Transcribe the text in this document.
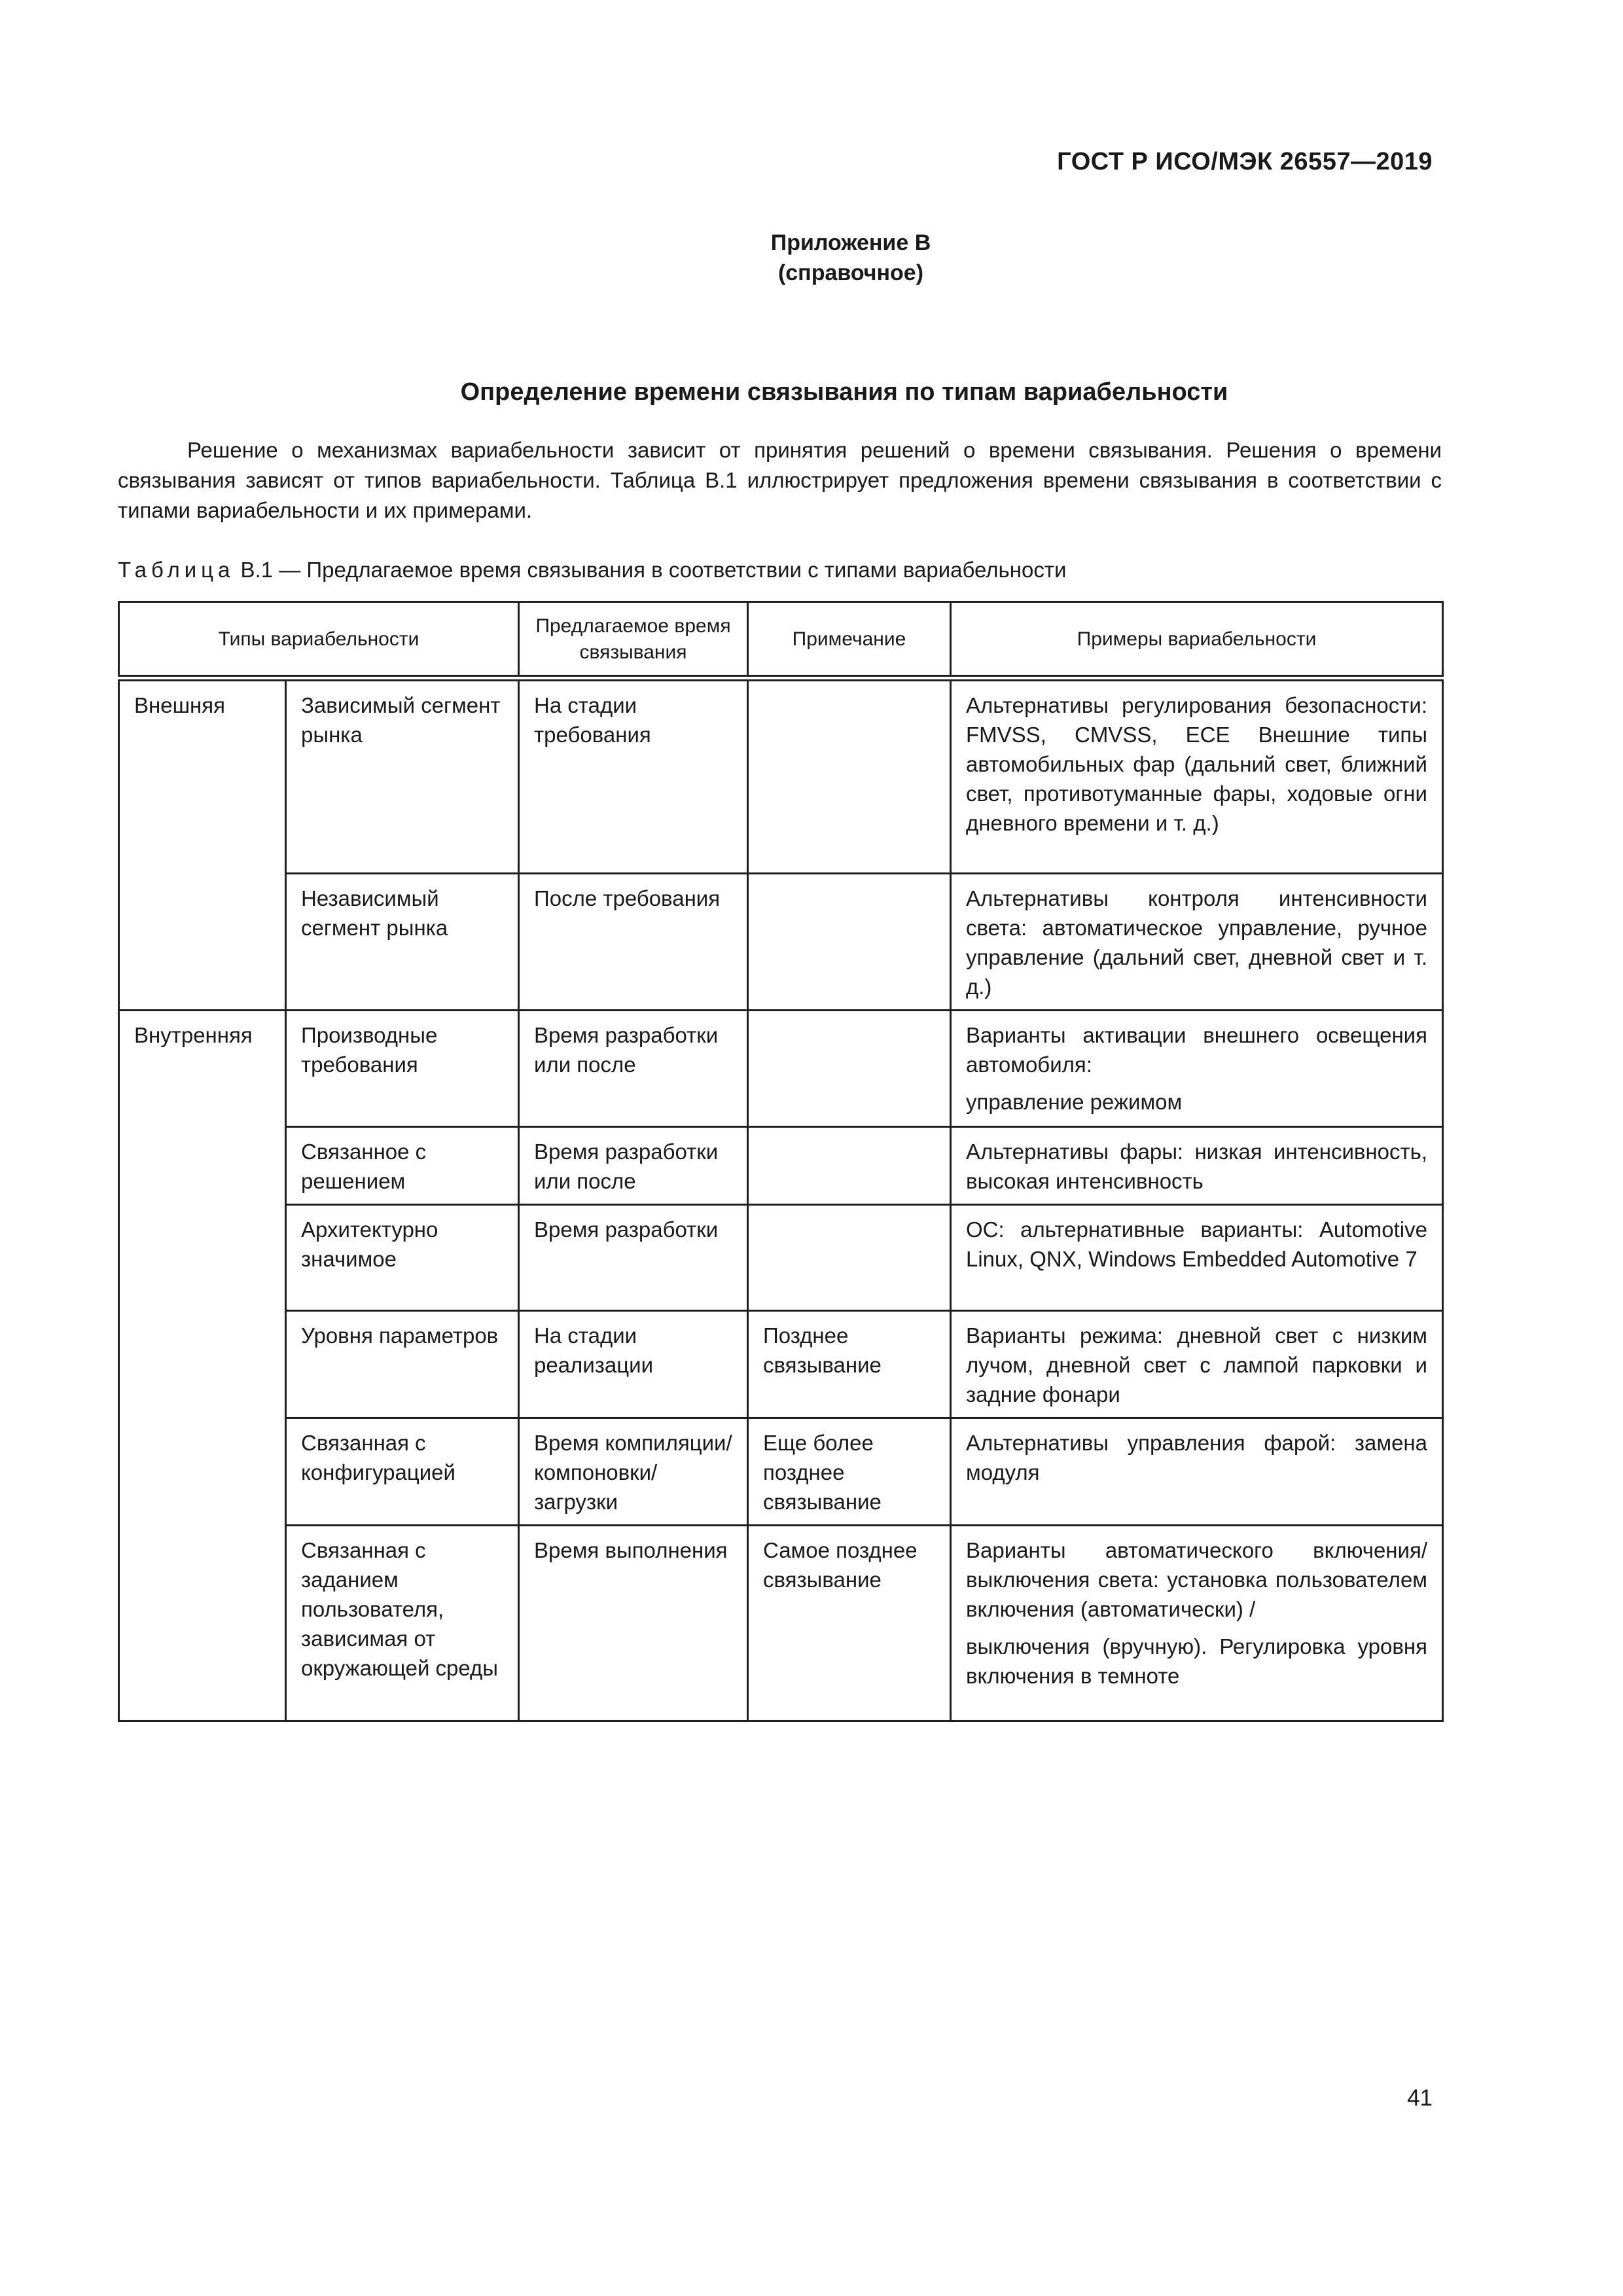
ГОСТ Р ИСО/МЭК 26557—2019
Приложение В
(справочное)
Определение времени связывания по типам вариабельности

Решение о механизмах вариабельности зависит от принятия решений о времени связывания. Решения о времени связывания зависят от типов вариабельности. Таблица В.1 иллюстрирует предложения времени связывания в соответствии с типами вариабельности и их примерами.

Таблица В.1 — Предлагаемое время связывания в соответствии с типами вариабельности
Типы вариабельности		Предлагаемое время связывания	Примечание	Примеры вариабельности
Внешняя	Зависимый сегмент рынка	На стадии требования		Альтернативы регулирования безопасности: FMVSS, CMVSS, ECE Внешние типы автомобильных фар (дальний свет, ближний свет, противотуманные фары, ходовые огни дневного времени и т. д.)

	Независимый сегмент рынка	После требования		Альтернативы контроля интенсивности света: автоматическое управление, ручное управление (дальний свет, дневной свет и т. д.)

Внутренняя	Производные требования	Время разработки или после		Варианты активации внешнего освещения автомобиля:

управление режимом

	Связанное с решением	Время разработки или после		Альтернативы фары: низкая интенсивность, высокая интенсивность

	Архитектурно значимое	Время разработки		ОС: альтернативные варианты: Automotive Linux, QNX, Windows Embedded Automotive 7

	Уровня параметров	На стадии реализации	Позднее связывание	Варианты режима: дневной свет с низким лучом, дневной свет с лампой парковки и задние фонари

	Связанная с конфигурацией	Время компиляции/компоновки/загрузки	Еще более позднее связывание	Альтернативы управления фарой: замена модуля

	Связанная с заданием пользователя, зависимая от окружающей среды	Время выполнения	Самое позднее связывание	Варианты автоматического включения/выключения света: установка пользователем включения (автоматически) /

выключения (вручную). Регулировка уровня включения в темноте

41
